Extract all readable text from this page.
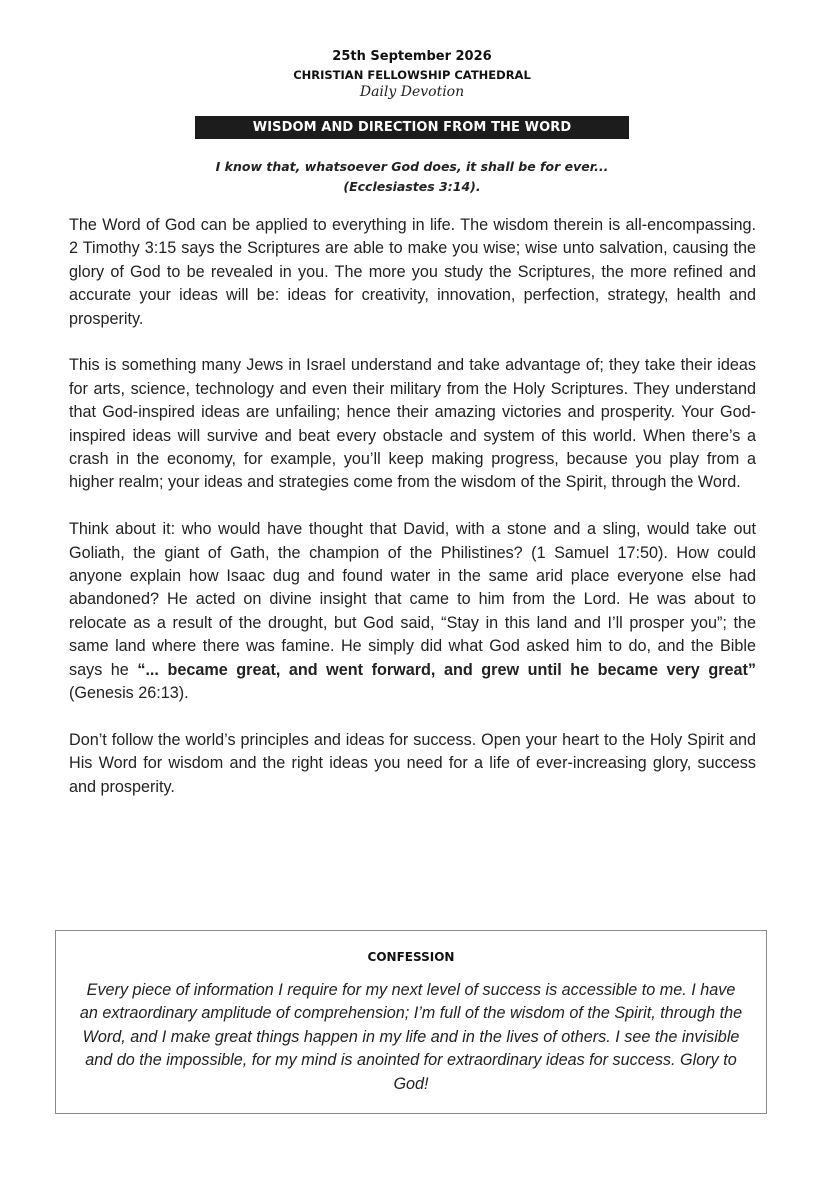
25th September 2026
CHRISTIAN FELLOWSHIP CATHEDRAL
Daily Devotion
WISDOM AND DIRECTION FROM THE WORD
I know that, whatsoever God does, it shall be for ever...
(Ecclesiastes 3:14).

The Word of God can be applied to everything in life. The wisdom therein is all-encompassing. 2 Timothy 3:15 says the Scriptures are able to make you wise; wise unto salvation, causing the glory of God to be revealed in you. The more you study the Scriptures, the more refined and accurate your ideas will be: ideas for creativity, innovation, perfection, strategy, health and prosperity.

This is something many Jews in Israel understand and take advantage of; they take their ideas for arts, science, technology and even their military from the Holy Scriptures. They understand that God-inspired ideas are unfailing; hence their amazing victories and prosperity. Your God-inspired ideas will survive and beat every obstacle and system of this world. When there’s a crash in the economy, for example, you’ll keep making progress, because you play from a higher realm; your ideas and strategies come from the wisdom of the Spirit, through the Word.

Think about it: who would have thought that David, with a stone and a sling, would take out Goliath, the giant of Gath, the champion of the Philistines? (1 Samuel 17:50). How could anyone explain how Isaac dug and found water in the same arid place everyone else had abandoned? He acted on divine insight that came to him from the Lord. He was about to relocate as a result of the drought, but God said, “Stay in this land and I’ll prosper you”; the same land where there was famine. He simply did what God asked him to do, and the Bible says he “... became great, and went forward, and grew until he became very great” (Genesis 26:13).

Don’t follow the world’s principles and ideas for success. Open your heart to the Holy Spirit and His Word for wisdom and the right ideas you need for a life of ever-increasing glory, success and prosperity.

CONFESSION
Every piece of information I require for my next level of success is accessible to me. I have an extraordinary amplitude of comprehension; I’m full of the wisdom of the Spirit, through the Word, and I make great things happen in my life and in the lives of others. I see the invisible and do the impossible, for my mind is anointed for extraordinary ideas for success. Glory to God!
